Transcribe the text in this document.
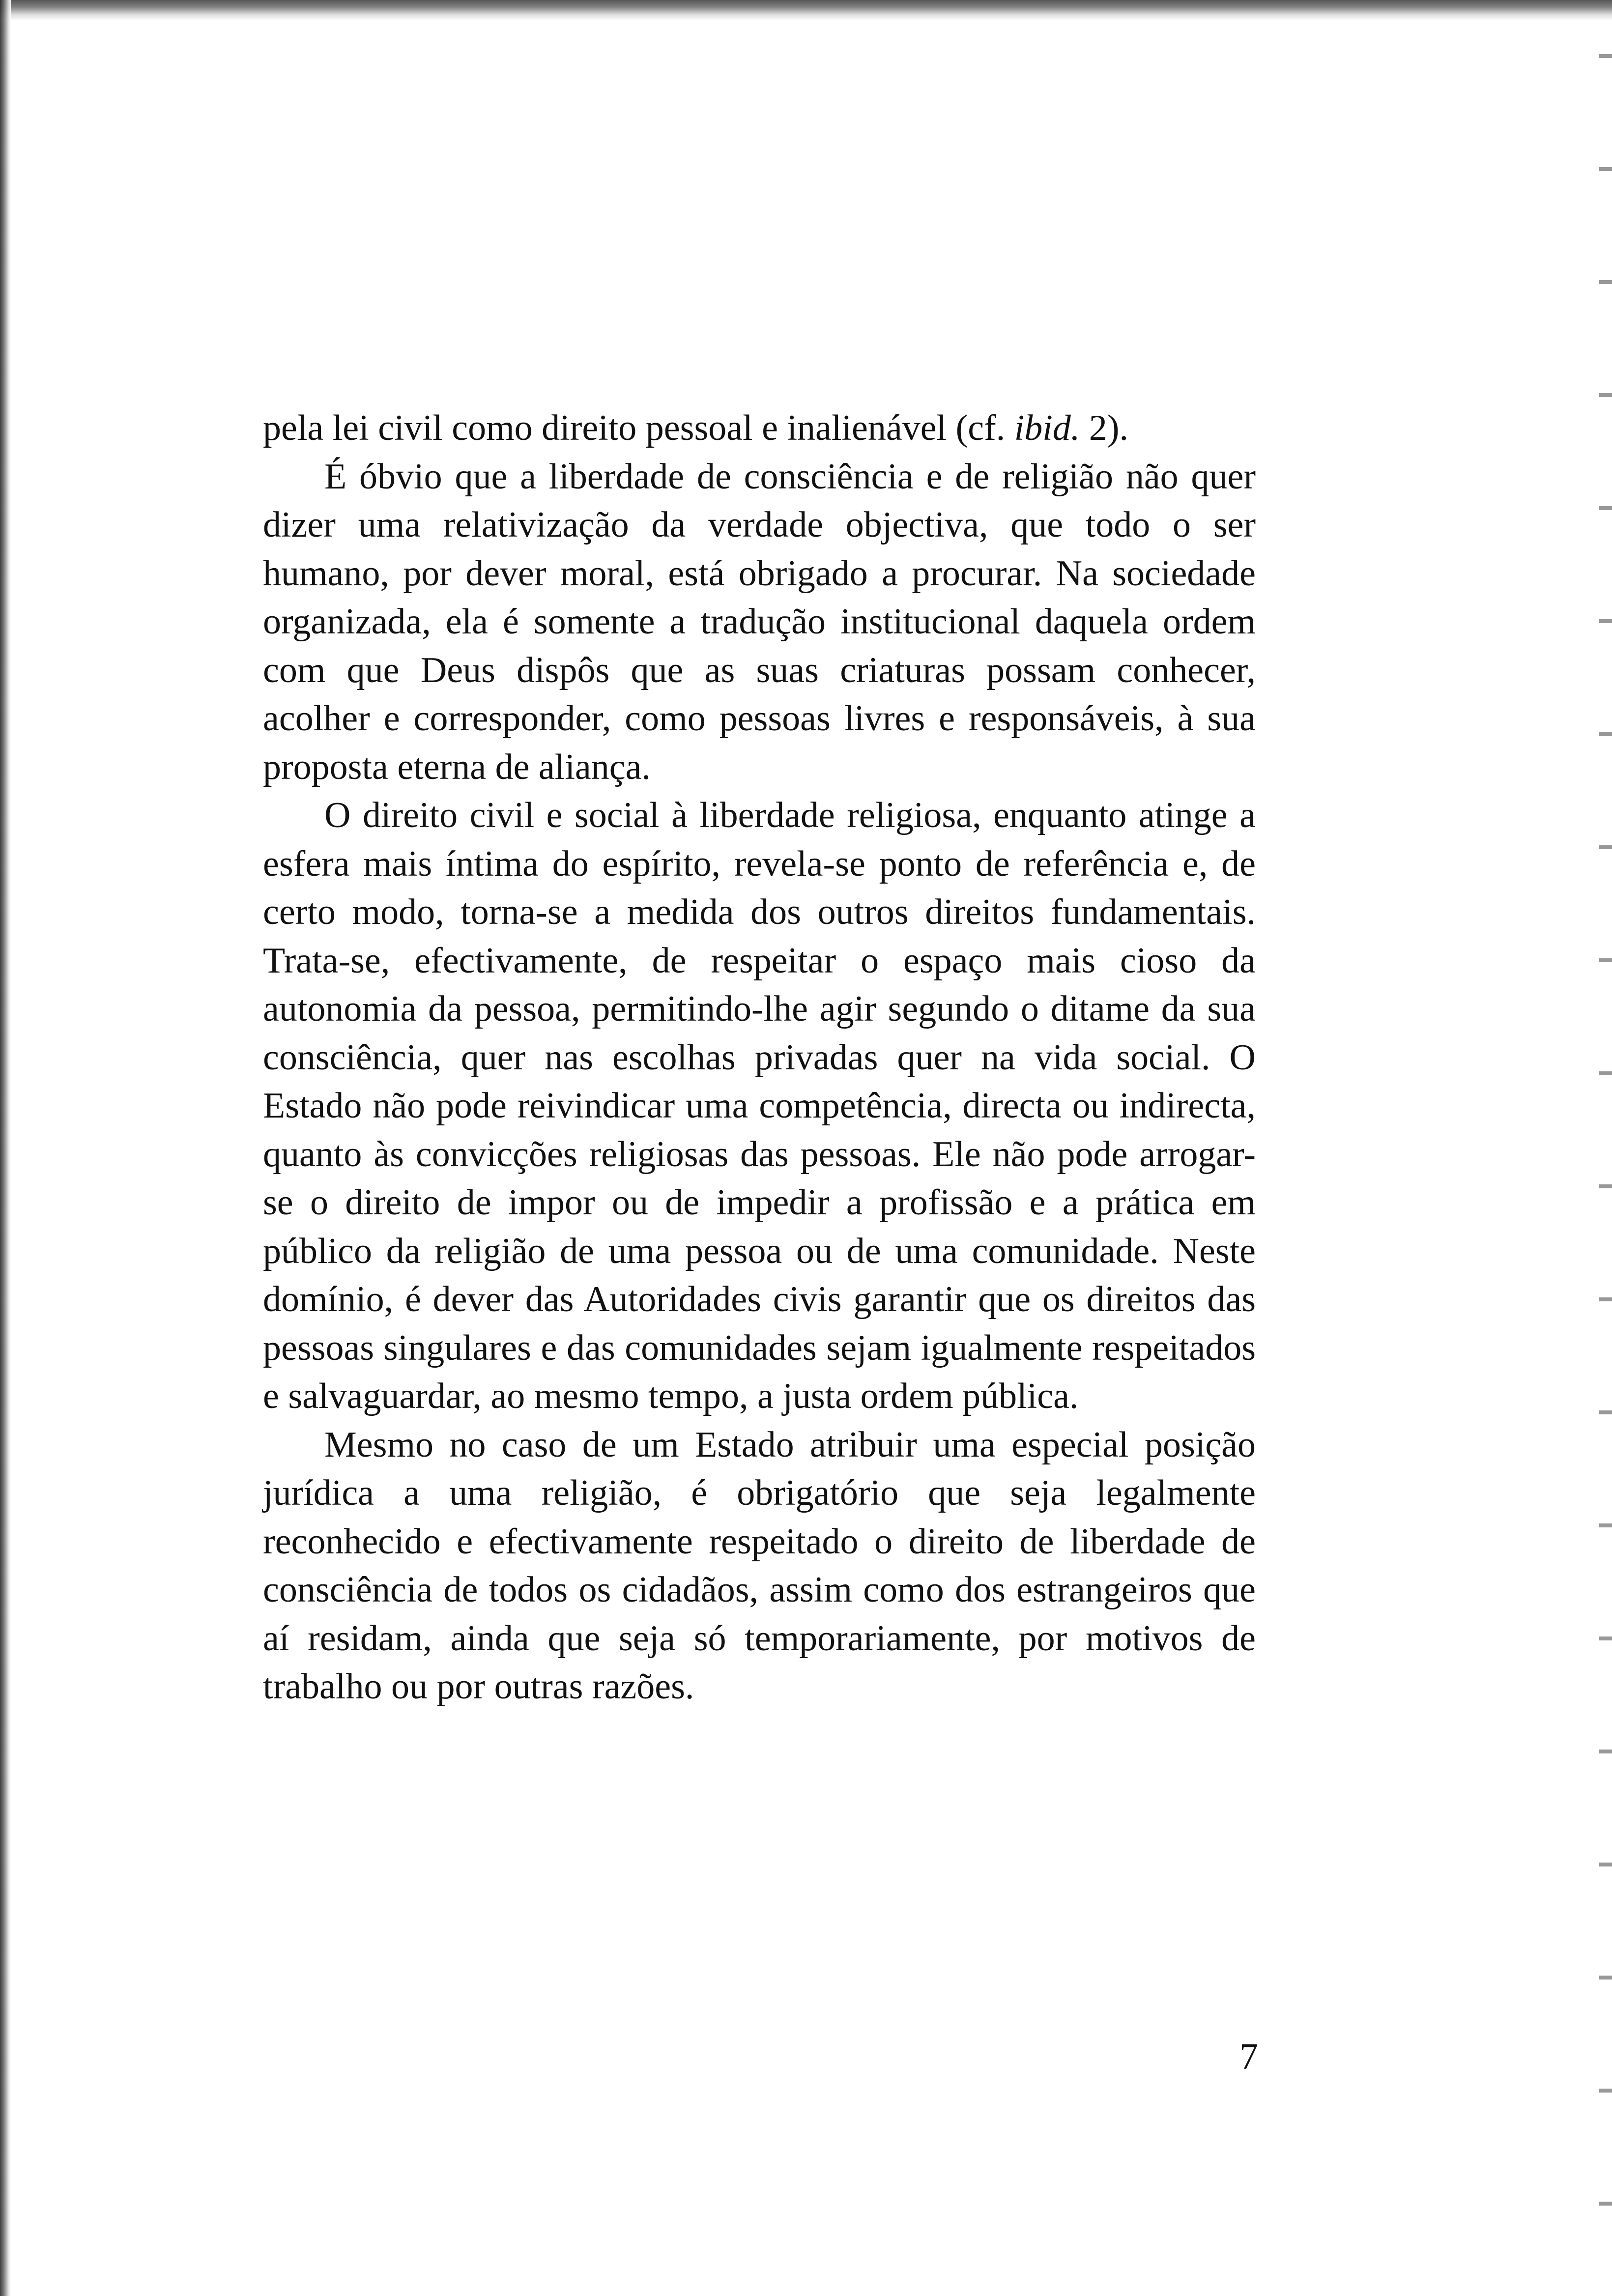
pela lei civil como direito pessoal e inalienável (cf. ibid. 2).

É óbvio que a liberdade de consciência e de religião não quer dizer uma relativização da verdade objectiva, que todo o ser humano, por dever moral, está obrigado a procurar. Na sociedade organizada, ela é somente a tradução institucional daquela ordem com que Deus dispôs que as suas criaturas possam conhecer, acolher e corresponder, como pessoas livres e responsáveis, à sua proposta eterna de aliança.

O direito civil e social à liberdade religiosa, enquanto atinge a esfera mais íntima do espírito, revela-se ponto de referência e, de certo modo, torna-se a medida dos outros direitos fundamentais. Trata-se, efectivamente, de respeitar o espaço mais cioso da autonomia da pessoa, permitindo-lhe agir segundo o ditame da sua consciência, quer nas escolhas privadas quer na vida social. O Estado não pode reivindicar uma competência, directa ou indirecta, quanto às convicções religiosas das pessoas. Ele não pode arrogar-se o direito de impor ou de impedir a profissão e a prática em público da religião de uma pessoa ou de uma comunidade. Neste domínio, é dever das Autoridades civis garantir que os direitos das pessoas singulares e das comunidades sejam igualmente respeitados e salvaguardar, ao mesmo tempo, a justa ordem pública.

Mesmo no caso de um Estado atribuir uma especial posição jurídica a uma religião, é obrigatório que seja legalmente reconhecido e efectivamente respeitado o direito de liberdade de consciência de todos os cidadãos, assim como dos estrangeiros que aí residam, ainda que seja só temporariamente, por motivos de trabalho ou por outras razões.

7
